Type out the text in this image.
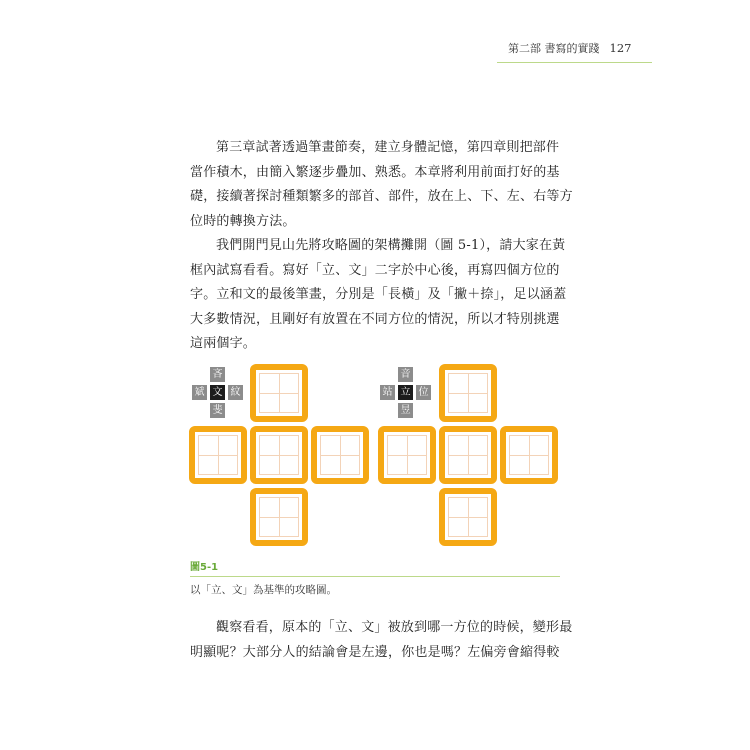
第二部 書寫的實踐 127
第三章試著透過筆畫節奏，建立身體記憶，第四章則把部件
當作積木，由簡入繁逐步疊加、熟悉。本章將利用前面打好的基
礎，接續著探討種類繁多的部首、部件，放在上、下、左、右等方
位時的轉換方法。
我們開門見山先將攻略圖的架構攤開（圖 5-1），請大家在黃
框內試寫看看。寫好「立、文」二字於中心後，再寫四個方位的
字。立和文的最後筆畫，分別是「長橫」及「撇＋捺」，足以涵蓋
大多數情況，且剛好有放置在不同方位的情況，所以才特別挑選
這兩個字。
吝
斌 文 紋
斐
音
站 立 位
昱
圖5-1
以「立、文」為基準的攻略圖。
觀察看看，原本的「立、文」被放到哪一方位的時候，變形最
明顯呢？大部分人的結論會是左邊，你也是嗎？左偏旁會縮得較
